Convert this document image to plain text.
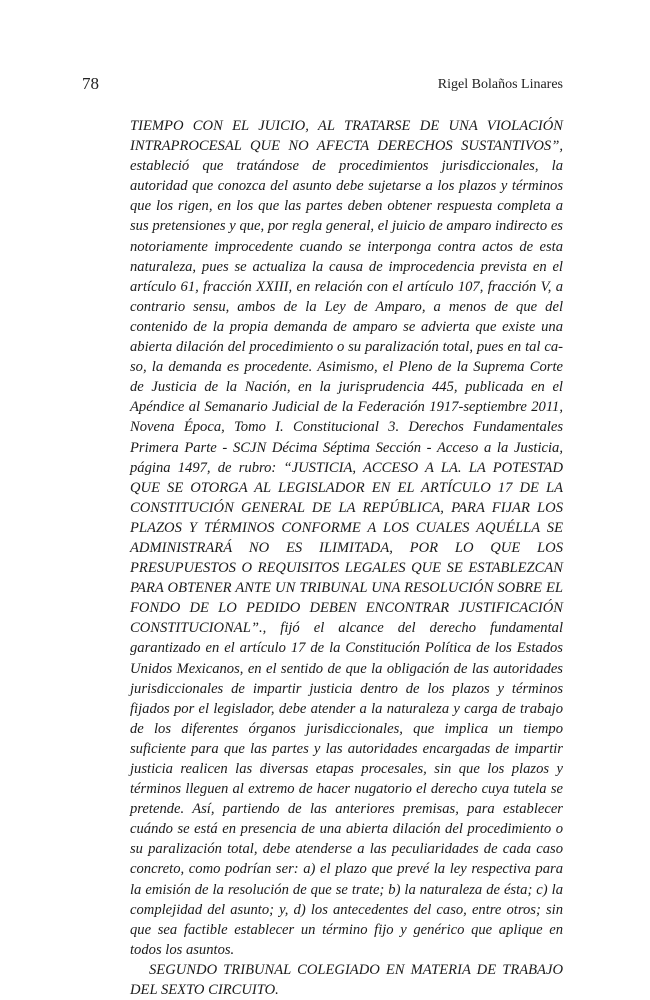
78	Rigel Bolaños Linares

TIEMPO CON EL JUICIO, AL TRATARSE DE UNA VIOLACIÓN INTRAPROCESAL QUE NO AFECTA DERECHOS SUSTANTIVOS”, estableció que tratándose de procedimientos jurisdiccionales, la autoridad que conozca del asunto debe sujetarse a los plazos y términos que los rigen, en los que las partes deben obtener respuesta completa a sus pretensiones y que, por regla general, el juicio de amparo indirecto es notoriamente improcedente cuando se interponga contra actos de esta naturaleza, pues se actualiza la causa de improcedencia prevista en el artículo 61, fracción XXIII, en relación con el artículo 107, fracción V, a contrario sensu, ambos de la Ley de Amparo, a menos de que del contenido de la propia demanda de amparo se advierta que existe una abierta dilación del procedimiento o su paralización total, pues en tal caso, la demanda es procedente. Asimismo, el Pleno de la Suprema Corte de Justicia de la Nación, en la jurisprudencia 445, publicada en el Apéndice al Semanario Judicial de la Federación 1917-septiembre 2011, Novena Época, Tomo I. Constitucional 3. Derechos Fundamentales Primera Parte - SCJN Décima Séptima Sección - Acceso a la Justicia, página 1497, de rubro: “JUSTICIA, ACCESO A LA. LA POTESTAD QUE SE OTORGA AL LEGISLADOR EN EL ARTÍCULO 17 DE LA CONSTITUCIÓN GENERAL DE LA REPÚBLICA, PARA FIJAR LOS PLAZOS Y TÉRMINOS CONFORME A LOS CUALES AQUÉLLA SE ADMINISTRARÁ NO ES ILIMITADA, POR LO QUE LOS PRESUPUESTOS O REQUISITOS LEGALES QUE SE ESTABLEZCAN PARA OBTENER ANTE UN TRIBUNAL UNA RESOLUCIÓN SOBRE EL FONDO DE LO PEDIDO DEBEN ENCONTRAR JUSTIFICACIÓN CONSTITUCIONAL”., fijó el alcance del derecho fundamental garantizado en el artículo 17 de la Constitución Política de los Estados Unidos Mexicanos, en el sentido de que la obligación de las autoridades jurisdiccionales de impartir justicia dentro de los plazos y términos fijados por el legislador, debe atender a la naturaleza y carga de trabajo de los diferentes órganos jurisdiccionales, que implica un tiempo suficiente para que las partes y las autoridades encargadas de impartir justicia realicen las diversas etapas procesales, sin que los plazos y términos lleguen al extremo de hacer nugatorio el derecho cuya tutela se pretende. Así, partiendo de las anteriores premisas, para establecer cuándo se está en presencia de una abierta dilación del procedimiento o su paralización total, debe atenderse a las peculiaridades de cada caso concreto, como podrían ser: a) el plazo que prevé la ley respectiva para la emisión de la resolución de que se trate; b) la naturaleza de ésta; c) la complejidad del asunto; y, d) los antecedentes del caso, entre otros; sin que sea factible establecer un término fijo y genérico que aplique en todos los asuntos.

SEGUNDO TRIBUNAL COLEGIADO EN MATERIA DE TRABAJO DEL SEXTO CIRCUITO.
